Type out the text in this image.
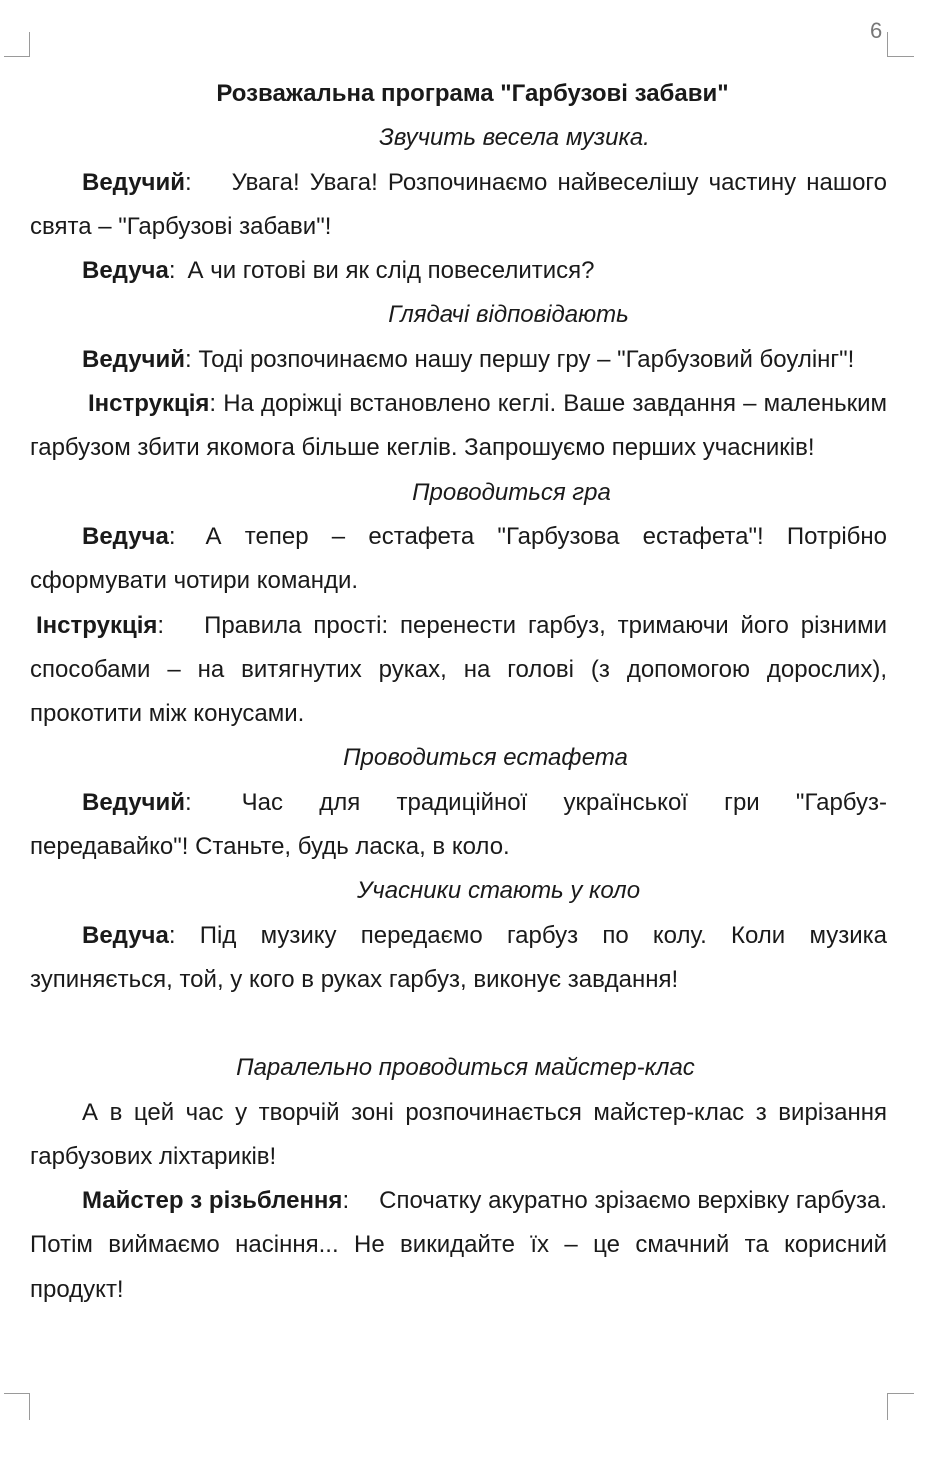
6

Розважальна програма "Гарбузові забави"

Звучить весела музика.

Ведучий: Увага! Увага! Розпочинаємо найвеселішу частину нашого свята – "Гарбузові забави"!

Ведуча: А чи готові ви як слід повеселитися?

Глядачі відповідають

Ведучий: Тоді розпочинаємо нашу першу гру – "Гарбузовий боулінг"!

Інструкція: На доріжці встановлено кеглі. Ваше завдання – маленьким гарбузом збити якомога більше кеглів. Запрошуємо перших учасників!

Проводиться гра

Ведуча: А тепер – естафета "Гарбузова естафета"! Потрібно сформувати чотири команди.

Інструкція: Правила прості: перенести гарбуз, тримаючи його різними способами – на витягнутих руках, на голові (з допомогою дорослих), прокотити між конусами.

Проводиться естафета

Ведучий: Час для традиційної української гри "Гарбуз-передавайко"! Станьте, будь ласка, в коло.

Учасники стають у коло

Ведуча: Під музику передаємо гарбуз по колу. Коли музика зупиняється, той, у кого в руках гарбуз, виконує завдання!

Паралельно проводиться майстер-клас

А в цей час у творчій зоні розпочинається майстер-клас з вирізання гарбузових ліхтариків!

Майстер з різьблення: Спочатку акуратно зрізаємо верхівку гарбуза. Потім виймаємо насіння... Не викидайте їх – це смачний та корисний продукт!
